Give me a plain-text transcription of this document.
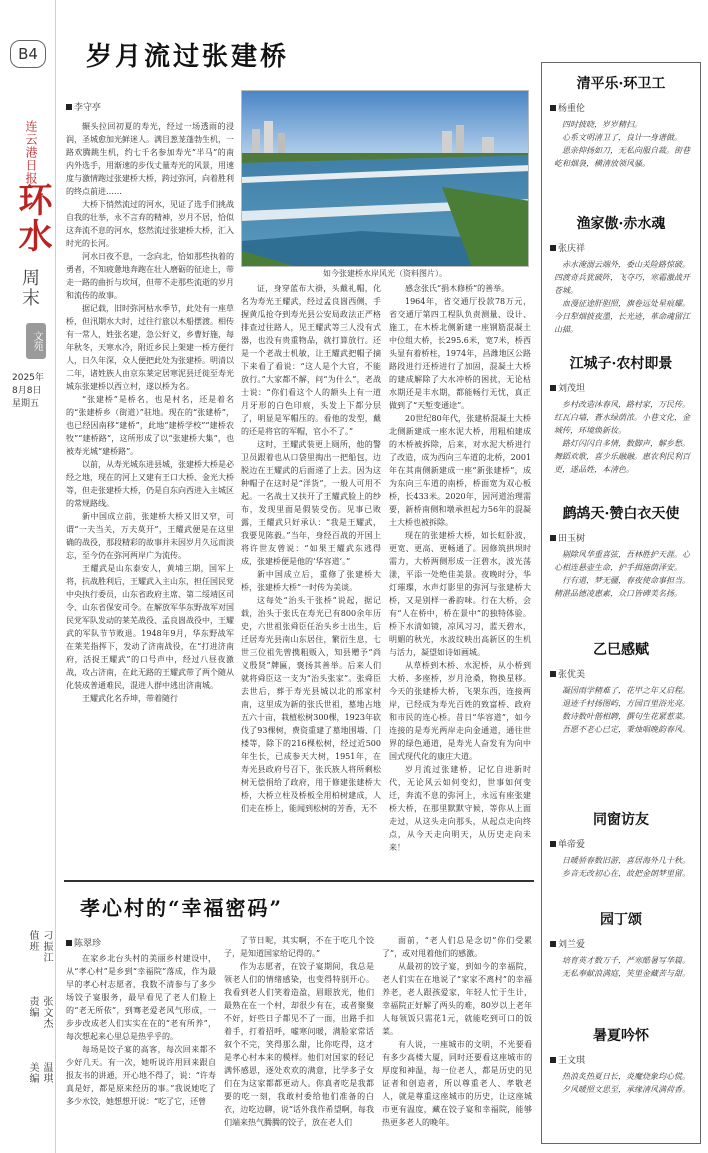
B4
连云港日报
环水
周末
文苑
2025年
8月8日
星期五
值班 刁振江
责编 张文杰
美编 温琪
岁月流过张建桥
李守亭
如今张建桥水岸风光（资料图片）。

辗头拉回初夏的寿光，经过一场透雨的浸润，圣城愈加光鲜迷人。满目葱茏蓬勃生机，一路欢腾跳生机，约七千名参加寿光“半马”的南内外选手，用渐速的步伐丈量寿光的风景，用速度与激情跑过张建桥大桥，跨过弥河，向着胜利的终点前进……

大桥下悄然流过的河水，见证了选手们挑战自我的壮举，永不言弃的精神，岁月不居，恰似这奔流不息的河水，悠然流过张建桥大桥，汇入时光的长河。

河水日夜不息，一念向北，恰如那些执着的勇者，不知疲惫地奔跑在壮人磨砺的征途上，带走一路的曲折与坎坷，但带不走那些流逝的岁月和流传的故事。

据记载，旧时弥河枯水季节，此处有一座草桥，但汛期水大时，过往行旅以木船摆渡。相传有一常人，姓张名建，急公好义，乡曹好施，每年秋冬，天寒水冷，附近乡民上架建一桥方便行人，日久年深，众人便把此处为张建桥。明清以二年，诸姓族人由京东莱定居寒泥县迁徙至寿光城东张建桥以西立村，遂以桥为名。

“张建桥”是桥名，也是村名，还是着名的“张建桥乡（街道）”驻地。现在的“张建桥”，也已经因南移“建桥”，此地“建桥学校”“建桥农牧”“建桥路”，这所形成了以“张建桥大集”，也被寿光城“建桥路”。

以前，从寿光城东进县城，张建桥大桥是必经之地，现在的河上又建有王口大桥、金光大桥等，但走张建桥大桥，仍是自东向西进入主城区的常规路线。

新中国成立前，张建桥大桥又旧又窄，可谓“一夫当关，万夫莫开”，王耀武便是在这里确的战役，那段精彩的故事并未因岁月久远而淡忘，至今仍在弥河两岸广为流传。

王耀武是山东泰安人，黄埔三期，国军上将，抗战胜利后，王耀武入主山东，担任国民党中央执行委员，山东省政府主席、第二绥靖区司令、山东省保安司令。在解放军华东野战军对国民党军队发动的莱芜战役、孟良崮战役中，王耀武的军队节节败退。1948年9月，华东野战军在莱芜指挥下，发动了济南战役，在“打进济南府，活捉王耀武”的口号声中，经过八昼夜激战，攻占济南，在此无路的王耀武带了两个随从化装成普通难民，混进人群中逃出济南城。

王耀武化名乔坤，带着随行

证，身穿蓝布大褂，头戴礼帽，化名为寿光王耀武，经过孟良崮西侧，手握黄瓜抢夺到寿光县公安局政法正严格排查过往路人，见王耀武等三人没有式器，也没有贵重物品，就打算放行。还是一个老战士机敏，让王耀武把帽子摘下来看了看说：“这人是个大官，不能放行。”大家都不解，问“为什么”，老战士说：“你们看这个人的额头上有一道月牙形的白色印痕，头发上下都分层了，明显是军帽压的。看他的发型，戴的还是将官的军帽，官小不了。”

这时，王耀武装更上厕所，他的警卫员跟着也从口袋里掏出一把船包，边脱边在王耀武的后面递了上去。因为这种帽子在这时是“洋货”，一般人可用不起。一名战士又扶开了王耀武脸上的纱布，发现里面是假装受伤。见事已败露，王耀武只好承认：“我是王耀武，我要见陈毅。”当年，身经百战的开国上将许世友曾说：“如果王耀武东逃得成，张建桥便是他的‘华容道’。”

新中国成立后，重修了张建桥大桥，张建桥大桥“一时传为美谈。

这每处“治头干张桥”说起，据记载，治头于张氏在寿光已有800余年历史，六世祖张舜臣任治头乡士出生，后迁居寿光县南山东居住，繁衍生息，七世三位祖先曾携粗贩入，知县赠予“尚义殷贤”牌匾，褒扬其善举。后来人们就将舜臣这一支为“治头张家”。张舜臣去世后，葬于寿光县城以北的邢家村南，这里成为新的张氏世祖，墓地占地五六十亩，栽植松树300棵，1923年砍伐了93棵树，费资重建了墓地围墙、门楼等，除下的216棵松树，经过近500年生长，已成参天大树，1951年，在寿光县政府号召下，张氏族人将所剩松树无偿捐给了政府，用于修建张建桥大桥，大桥立柱及桥板全用柏树建成，人们走在桥上，能闻到松树的芳香，无不

感念张氏“捐木修桥”的善举。

1964年，省交通厅投款78万元，省交通厅第四工程队负责测量、设计、施工，在木桥北侧新建一座钢筋混凝土中位组大桥，长295.6米，宽7米，桥西头显有着桥柱，1974年，昌潍地区公路路段进行还桥进行了加固，混凝土大桥的建成解除了大水冲桥的困扰，无论枯水期还是丰水期，都能畅行无忧，真正做到了“天堑变通途”。

20世纪80年代，张建桥混凝土大桥北侧新建成一座水泥大桥，用粗柏建成的木桥被拆除，后来，对水泥大桥进行了改造，成为西向三车道的北桥，2001年在其南侧新建成一座“新张建桥”，成为东向三车道的南桥，桥面宽为双心板桥，长433米。2020年，因河道治理需要，新桥南侧和墩承担起力56年的混凝土大桥也被拆除。

现在的张建桥大桥，如长虹卧波，更宽、更高、更畅通了。因修筑拱坝时需力，大桥两侧形成一汪碧水，波光荡漾，平添一处绝佳美景。夜晚时分，华灯璀璨，水声灯影里的弥河与张建桥大桥，又是别样一番韵味。行在大桥，会有“人在桥中，桥在景中”的独特体验。桥下水清如镜，凉风习习，蓝天碧水，明媚的秋光，水波纹映出高新区的生机与活力，凝望如诗如画城。

从草桥到木桥、水泥桥，从小桥到大桥、多座桥，岁月沧桑，物换星移。今天的张建桥大桥，飞架东西，连接两岸，已经成为寿光百姓的致富桥、政府和市民的连心桥。昔日“华容道”，如今连接的是寿光两岸走向金通道，通往世界的绿色通道，是寿光人奋发有为向中国式现代化的康庄大道。

岁月流过张建桥，记忆自进新时代，无论风云如何变幻，世事如何变迁，奔流不息的弥河上，永远有座张建桥大桥，在那里默默守候，等你从上面走过，从这头走向那头，从起点走向终点，从今天走向明天，从历史走向未来！

孝心村的“幸福密码”
陈翠珍

在家乡北台头村的美丽乡村建设中，从“孝心村”是乡到“幸福院”落成，作为最早的孝心村志愿者，我数不清参与了多少场饺子宴服务，最早看见了老人们脸上的“老无所依”，到骞老爱老风气形成，一步步改成老人们实实在在的“老有所养”，每次想起来心里总是热乎乎的。

每场是饺子宴的高客，每次回来都不少好几天。有一次，她听说许用回来跟自报友书的讲通，开心地不得了，说：“许寿真是好，都是原来经历的事。”我说她吃了多少水饺，她想想开说：“吃了它，还曾

了节日呢，其实啊，不在于吃几个饺子，是知道国家给记得的。”

作为志愿者，在饺子宴期间，我总是领老人们的情绪感染，也变得特别开心。我看到老人们笑着造盈，眉眼放光，他们最熟在在一个村，却很少有在，或者聚聚不好，好些日子都见不了一面，出路手扣着手，打着招呼，嘘寒问暖，满脸家常话叙个不完，笑得那么甜，比你吃得，这才是孝心村本来的模样。他们对国家的轻记满怀感恩，逐处欢欢的满意，比学多子女们在为这家都都更动人。你真者吃是我都要的吃一刻，我敢村委给他们准备的白衣，边吃边聊，说“话外我作希望啊，每我们端来热气腾腾的饺子，放在老人们

面前，“老人们总是念切”你们受累了”，或对甩着他们的感激。

从最初的饺子宴，到如今的幸福院，老人们实在在地说了“家家不离村”的幸福养老，老人跟孩爱家，年轻人忙于生计，幸福院正好解了两头的难，80岁以上老年人每领饭只需花1元，就能吃到可口的饭菜。

有人说，一座城市的文明，不光要看有多少高楼大厦，同时还要看这座城市的厚度和神温，每一位老人，都是历史的见证者和创造者，所以尊重老人、孝敬老人，就是尊重这座城市的历史，让这座城市更有温度，藏在饺子宴和幸福院，能够热更多老人的晚年。

清平乐·环卫工
杨重伦
四时披晓，岁岁精扫。
心系文明清卫了，良计一身谱做。
恩亲抑扬如刀，无私向服自裁。街巷屹和烟袅，横清放领风骚。
渔家傲·赤水魂
张庆祥
赤水淹溺云端外，委山关险路惊破。四渡奇兵犹破阵，飞夺巧，寒霜激战开苍城。
血漫征途肝胆照，旗卷远处星痕耀。今日犁烟披夜墨，长光迹，革命魂留江山描。
江城子·农村即景
刘茂坦
乡村改造沐春风，路村家，万民传。红瓦白墙，蒼水绿荫浓。小巷文化，金城传，环境焕新妆。
路灯闪闪自多情，数脚声，解乡愁。舞蹈欢歌，喜少乐融融。惠农利民利百更，遂品姓，本清色。
鹧鸪天·赞白衣天使
田玉树
剔除风华重喜弦，吾林胜护天涯。心心相连悬壶生命，护手揖施荫泽安。
行有道，梦无疆，春夜使命事担当。精湛品德凌惠素，众口皆碑美名扬。
乙巳感赋
张优美
凝因雨学精难了，花甲之年又启程。
退迹千村扬图屿，方园百里浴光亮。
数诗数叶偕相聘，撰句生花紧惹菜。
吾愿不老心已定，秉烛唱晚韵春风。
同窗访友
单帝爱
日暖骄春数旧游，喜居海外几十秋。
乡音无改初心在，故把金朗梦里留。
园丁颂
刘兰爱
培育英才数万千，严寒酷暑写华篇。
无私奉献浪满庭，笑里金藏苦与甜。
暑夏吟怀
王文琪
热浪炙热夏日长，炎魔烧象均心慌。
夕风暖照文思至，承缘清风满荷香。
